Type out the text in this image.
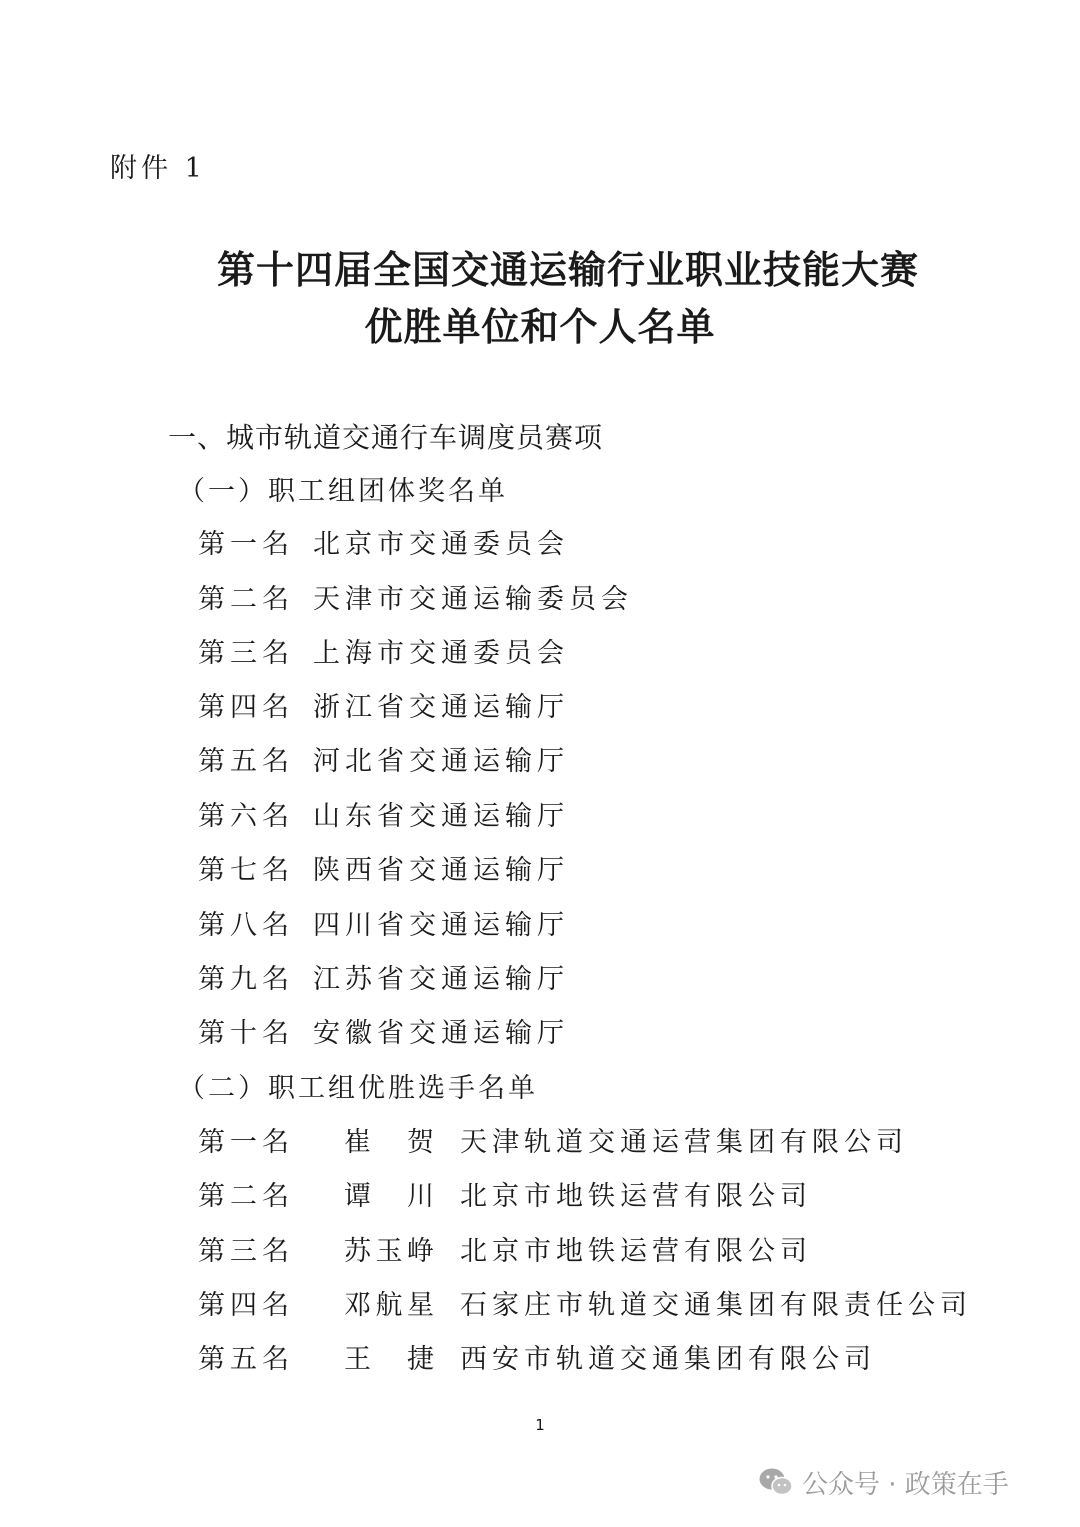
附件 1
第十四届全国交通运输行业职业技能大赛
优胜单位和个人名单
一、城市轨道交通行车调度员赛项
（一）职工组团体奖名单
第一名 北京市交通委员会
第二名 天津市交通运输委员会
第三名 上海市交通委员会
第四名 浙江省交通运输厅
第五名 河北省交通运输厅
第六名 山东省交通运输厅
第七名 陕西省交通运输厅
第八名 四川省交通运输厅
第九名 江苏省交通运输厅
第十名 安徽省交通运输厅
（二）职工组优胜选手名单
第一名 崔贺 天津轨道交通运营集团有限公司
第二名 谭川 北京市地铁运营有限公司
第三名 苏玉峥 北京市地铁运营有限公司
第四名 邓航星 石家庄市轨道交通集团有限责任公司
第五名 王捷 西安市轨道交通集团有限公司
1
公众号 · 政策在手
